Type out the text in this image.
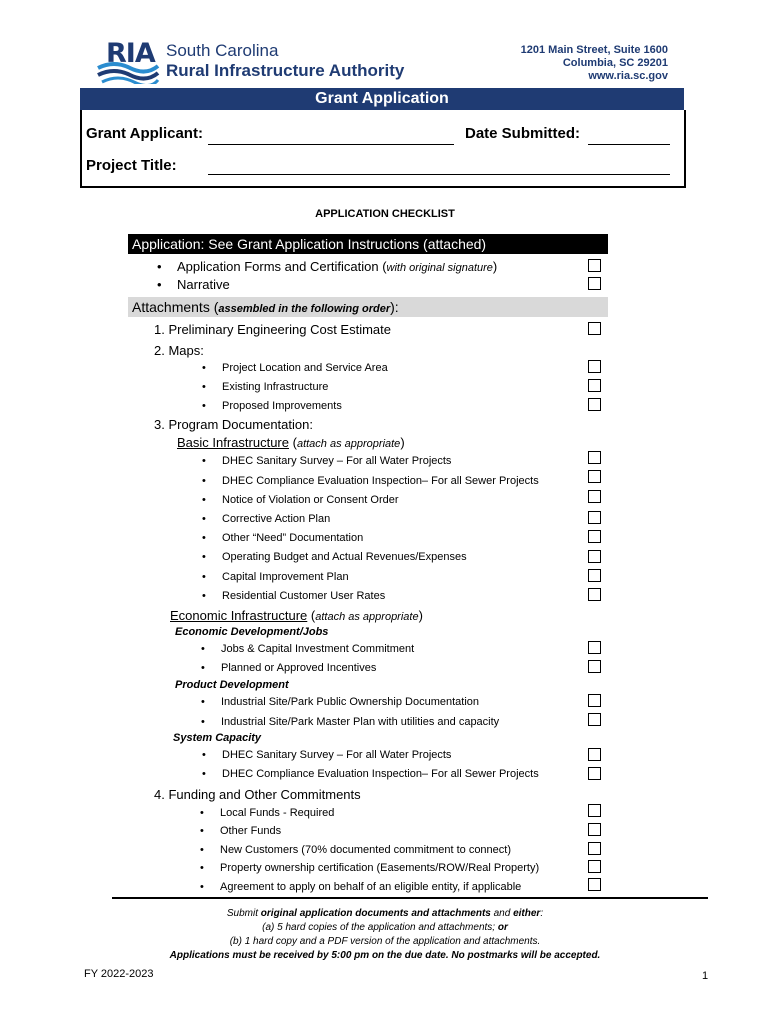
RIA South Carolina
Rural Infrastructure Authority
1201 Main Street, Suite 1600
Columbia, SC 29201
www.ria.sc.gov
Grant Application
Grant Applicant:	Date Submitted:
Project Title:
APPLICATION CHECKLIST
Application: See Grant Application Instructions (attached)
• Application Forms and Certification (with original signature)
• Narrative
Attachments (assembled in the following order):
1. Preliminary Engineering Cost Estimate
2. Maps:
• Project Location and Service Area
• Existing Infrastructure
• Proposed Improvements
3. Program Documentation:
Basic Infrastructure (attach as appropriate)
• DHEC Sanitary Survey – For all Water Projects
• DHEC Compliance Evaluation Inspection– For all Sewer Projects
• Notice of Violation or Consent Order
• Corrective Action Plan
• Other “Need” Documentation
• Operating Budget and Actual Revenues/Expenses
• Capital Improvement Plan
• Residential Customer User Rates
Economic Infrastructure (attach as appropriate)
Economic Development/Jobs
• Jobs & Capital Investment Commitment
• Planned or Approved Incentives
Product Development
• Industrial Site/Park Public Ownership Documentation
• Industrial Site/Park Master Plan with utilities and capacity
System Capacity
• DHEC Sanitary Survey – For all Water Projects
• DHEC Compliance Evaluation Inspection– For all Sewer Projects
4. Funding and Other Commitments
• Local Funds - Required
• Other Funds
• New Customers (70% documented commitment to connect)
• Property ownership certification (Easements/ROW/Real Property)
• Agreement to apply on behalf of an eligible entity, if applicable
Submit original application documents and attachments and either:
(a) 5 hard copies of the application and attachments; or
(b) 1 hard copy and a PDF version of the application and attachments.
Applications must be received by 5:00 pm on the due date. No postmarks will be accepted.
FY 2022-2023	1
